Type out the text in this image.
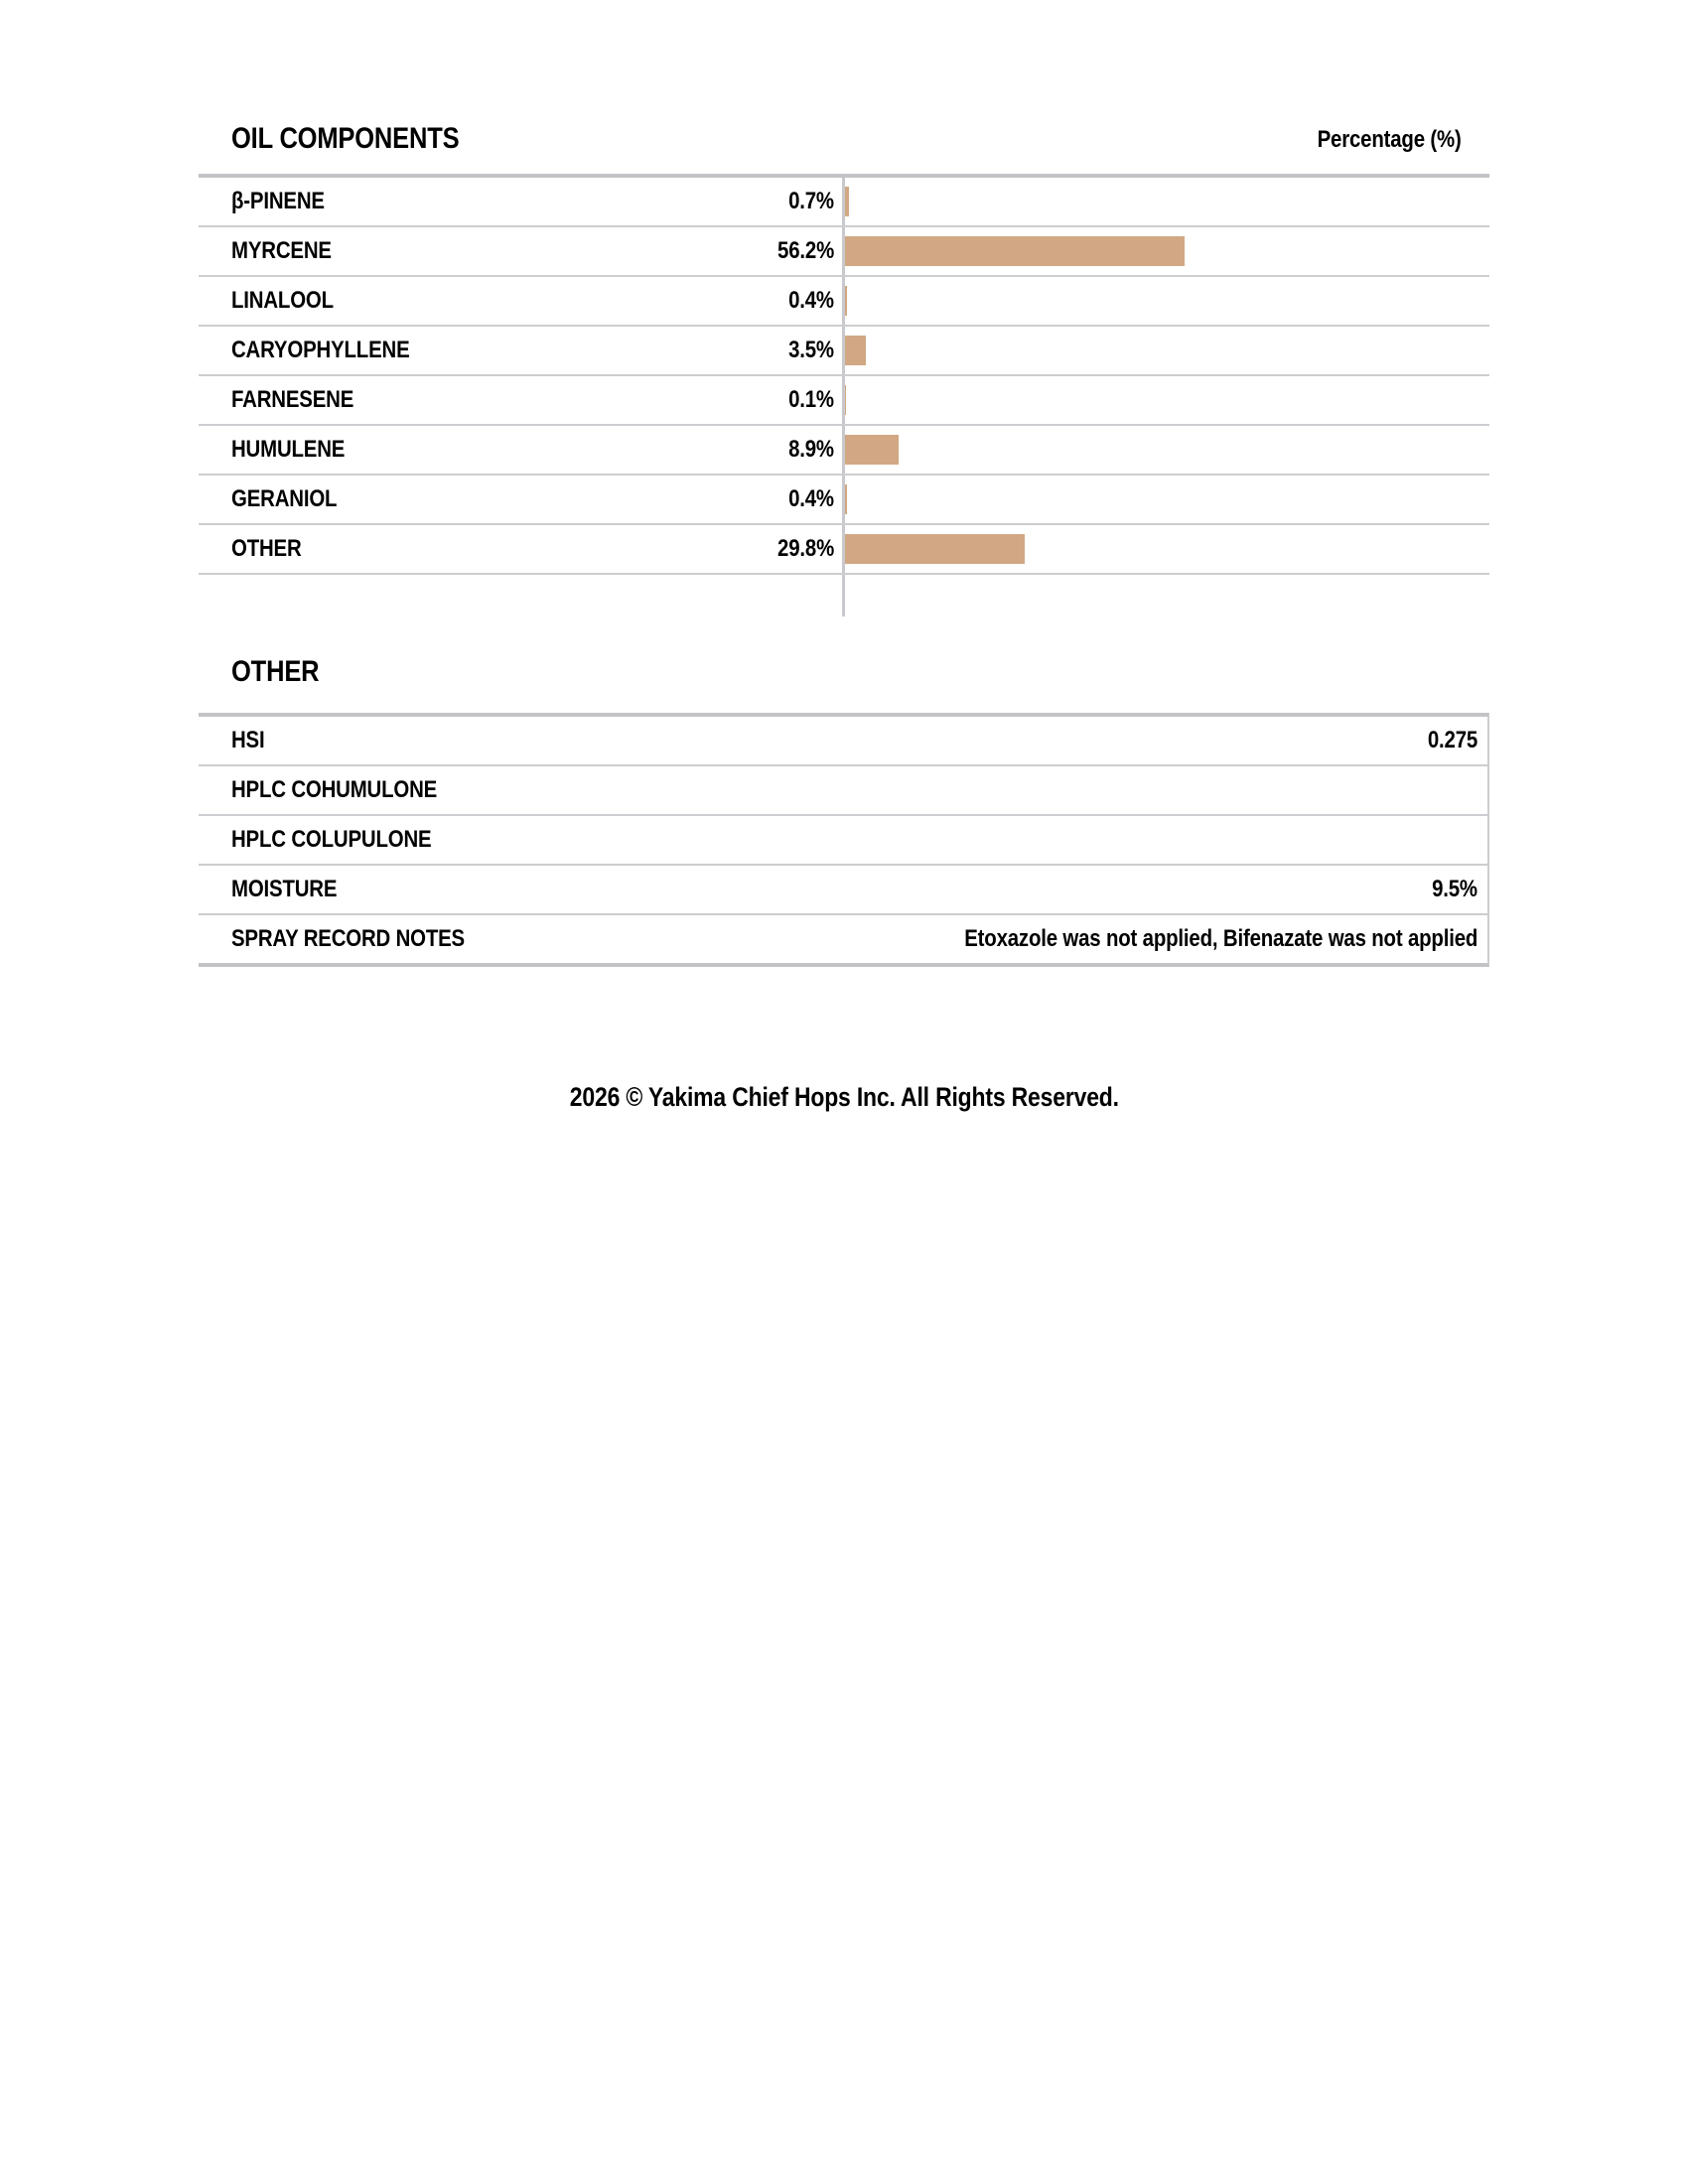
OIL COMPONENTS	Percentage (%)
β-PINENE	0.7%
MYRCENE	56.2%
LINALOOL	0.4%
CARYOPHYLLENE	3.5%
FARNESENE	0.1%
HUMULENE	8.9%
GERANIOL	0.4%
OTHER	29.8%
OTHER
HSI	0.275
HPLC COHUMULONE
HPLC COLUPULONE
MOISTURE	9.5%
SPRAY RECORD NOTES	Etoxazole was not applied, Bifenazate was not applied
2026 © Yakima Chief Hops Inc. All Rights Reserved.
